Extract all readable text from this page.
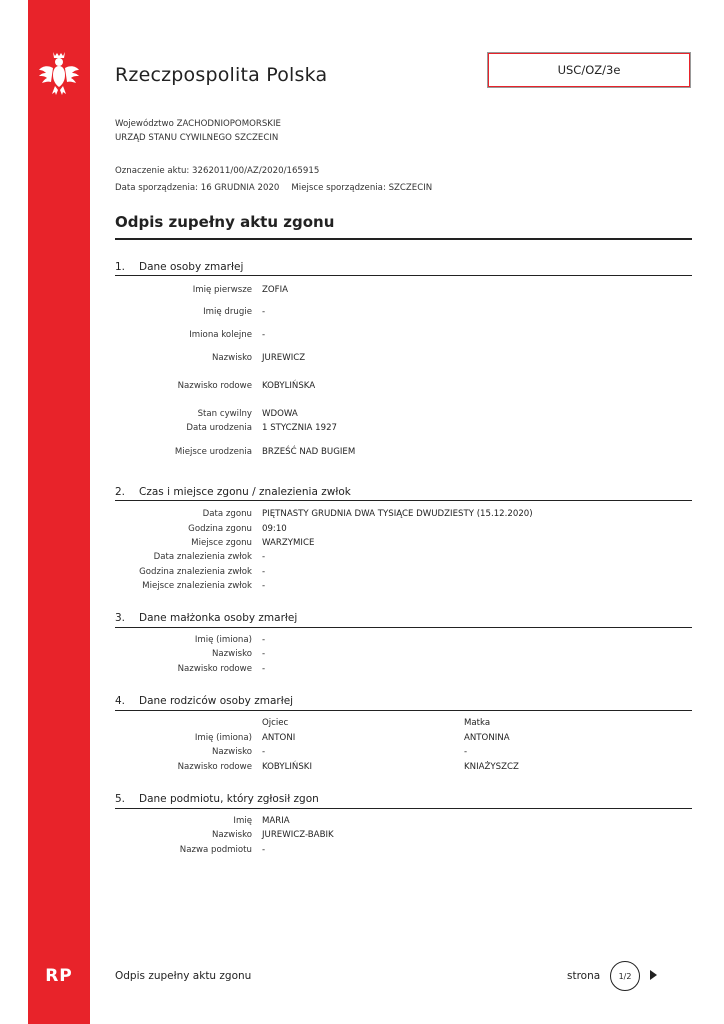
RP
Rzeczpospolita Polska	USC/OZ/3e
Województwo ZACHODNIOPOMORSKIE
URZĄD STANU CYWILNEGO SZCZECIN
Oznaczenie aktu: 3262011/00/AZ/2020/165915
Data sporządzenia: 16 GRUDNIA 2020 Miejsce sporządzenia: SZCZECIN
Odpis zupełny aktu zgonu
1. Dane osoby zmarłej
Imię pierwsze ZOFIA
Imię drugie -
Imiona kolejne -
Nazwisko JUREWICZ
Nazwisko rodowe KOBYLIŃSKA
Stan cywilny WDOWA
Data urodzenia 1 STYCZNIA 1927
Miejsce urodzenia BRZEŚĆ NAD BUGIEM
2. Czas i miejsce zgonu / znalezienia zwłok
Data zgonu PIĘTNASTY GRUDNIA DWA TYSIĄCE DWUDZIESTY (15.12.2020)
Godzina zgonu 09:10
Miejsce zgonu WARZYMICE
Data znalezienia zwłok -
Godzina znalezienia zwłok -
Miejsce znalezienia zwłok -
3. Dane małżonka osoby zmarłej
Imię (imiona) -
Nazwisko -
Nazwisko rodowe -
4. Dane rodziców osoby zmarłej
Ojciec	Matka
Imię (imiona) ANTONI	ANTONINA
Nazwisko -	-
Nazwisko rodowe KOBYLIŃSKI	KNIAŻYSZCZ
5. Dane podmiotu, który zgłosił zgon
Imię MARIA
Nazwisko JUREWICZ-BABIK
Nazwa podmiotu -
Odpis zupełny aktu zgonu	strona 1/2
